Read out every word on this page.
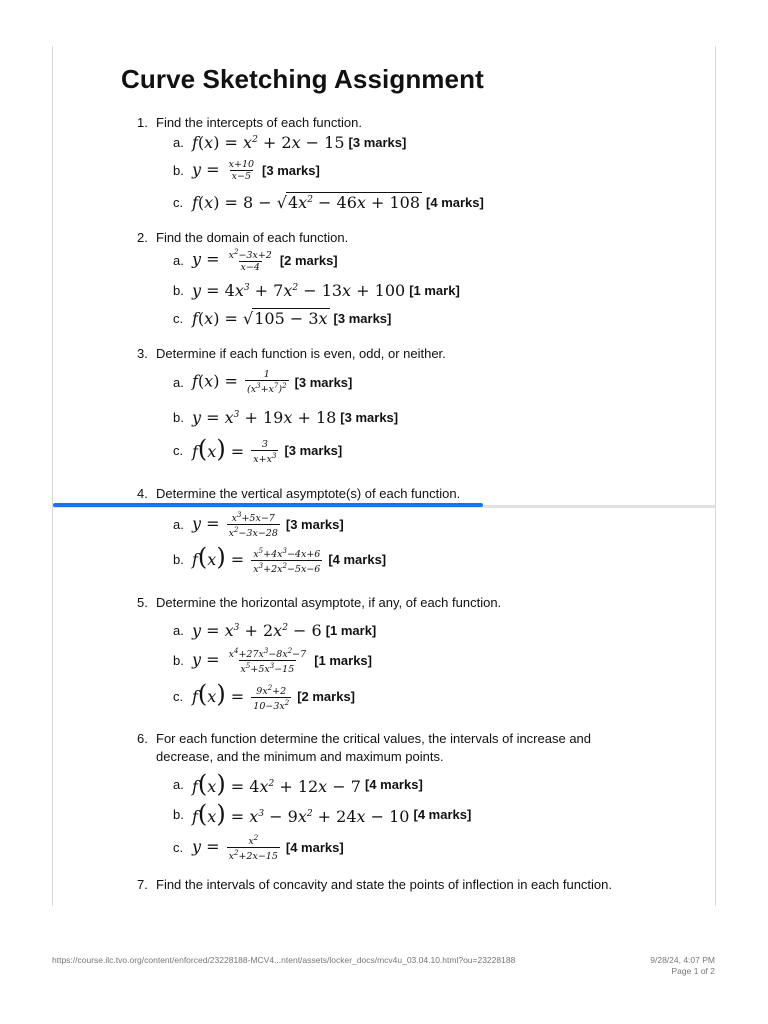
Curve Sketching Assignment
1. Find the intercepts of each function.
a. $f(x) = x^2 + 2x - 15$ [3 marks]
b. $y = \frac{x+10}{x-5} [3$ marks]
c. $f(x) = 8 - √4x^2 - 46x + 108$ [4 marks]
2. Find the domain of each function.
a. $y = \frac{x^2-3x+2}{x-4} [2$ marks]
b. $y = 4x^3 + 7x^2 - 13x + 100$ [1 mark]
c. f(x) = √105 − 3x [3 marks]
3. Determine if each function is even, odd, or neither.
a. $f(x) = \frac{1}{(x^3+x^7)^2} [3$ marks]
b. $y = x^3 + 19x + 18$ [3 marks]
c. $f(x) = \frac{3}{x+x^3} [3$ marks]
4. Determine the vertical asymptote(s) of each function.
a. $y = \frac{x^3+5x-7}{x^2-3x-28} [3$ marks]
b. $f(x) = \frac{x^5+4x^3-4x+6}{x^3+2x^2-5x-6} [4$ marks]
5. Determine the horizontal asymptote, if any, of each function.
a. $y = x^3 + 2x^2 - 6$ [1 mark]
b. $y = \frac{x^4+27x^3-8x^2-7}{x^5+5x^3-15} [1$ marks]
c. $f(x) = \frac{9x^2+2}{10-3x^2} [2$ marks]
6. For each function determine the critical values, the intervals of increase and decrease, and the minimum and maximum points.
a. $f(x) = 4x^2 + 12x - 7$ [4 marks]
b. $f(x) = x^3 - 9x^2 + 24x - 10$ [4 marks]
c. $y = \frac{x^2}{x^2+2x-15} [4$ marks]
7. Find the intervals of concavity and state the points of inflection in each function.
https://course.ilc.tvo.org/content/enforced/23228188-MCV4...ntent/assets/locker_docs/mcv4u_03.04.10.html?ou=23228188	9/28/24, 4:07 PM
Page 1 of 2
